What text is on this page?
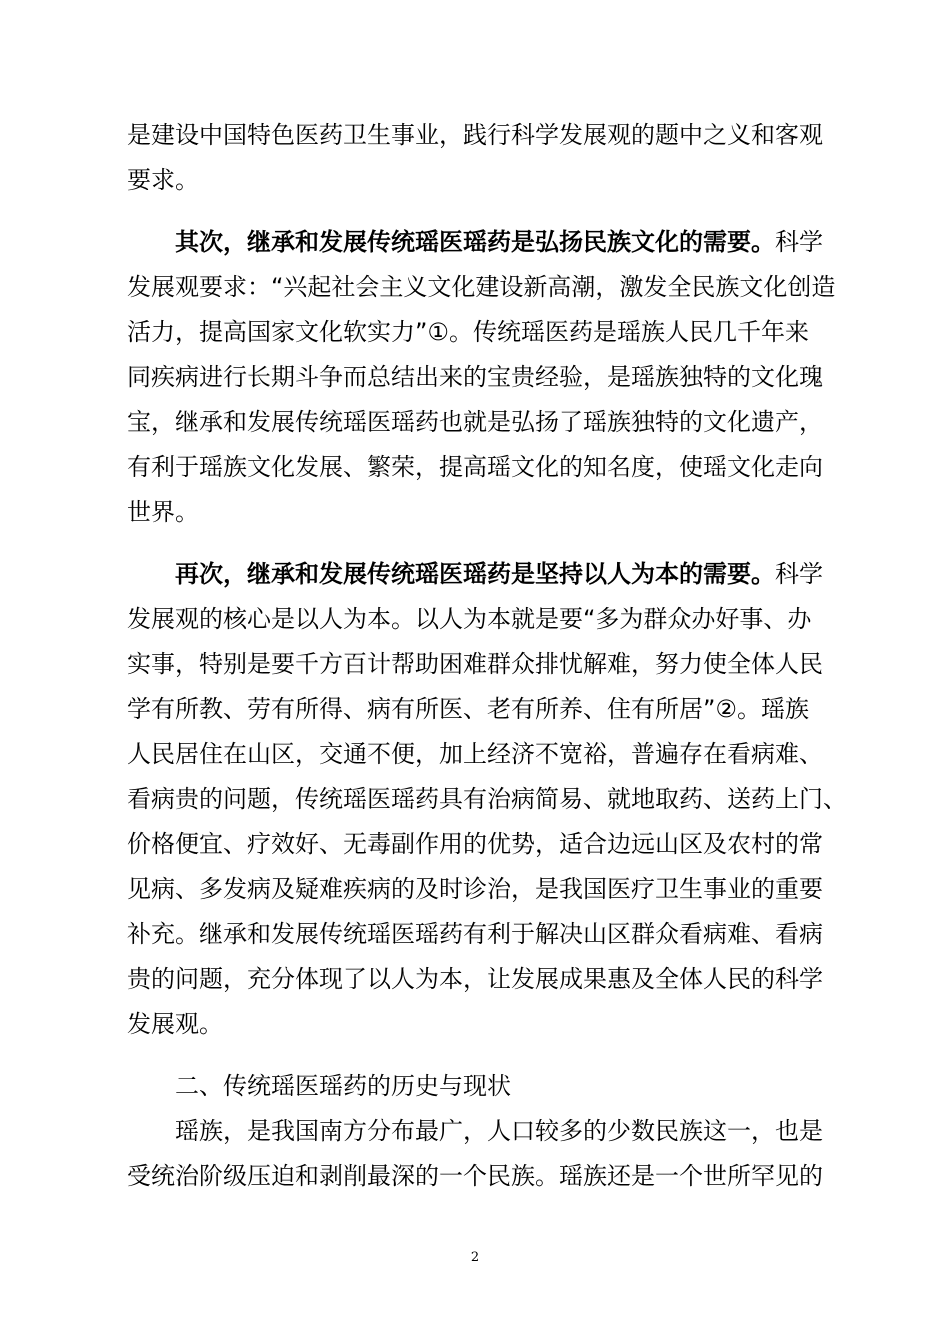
是建设中国特色医药卫生事业，践行科学发展观的题中之义和客观
要求。
其次，继承和发展传统瑶医瑶药是弘扬民族文化的需要。科学
发展观要求：“兴起社会主义文化建设新高潮，激发全民族文化创造
活力，提高国家文化软实力”①。传统瑶医药是瑶族人民几千年来
同疾病进行长期斗争而总结出来的宝贵经验，是瑶族独特的文化瑰
宝，继承和发展传统瑶医瑶药也就是弘扬了瑶族独特的文化遗产，
有利于瑶族文化发展、繁荣，提高瑶文化的知名度，使瑶文化走向
世界。
再次，继承和发展传统瑶医瑶药是坚持以人为本的需要。科学
发展观的核心是以人为本。以人为本就是要“多为群众办好事、办
实事，特别是要千方百计帮助困难群众排忧解难，努力使全体人民
学有所教、劳有所得、病有所医、老有所养、住有所居”②。瑶族
人民居住在山区，交通不便，加上经济不宽裕，普遍存在看病难、
看病贵的问题，传统瑶医瑶药具有治病简易、就地取药、送药上门、
价格便宜、疗效好、无毒副作用的优势，适合边远山区及农村的常
见病、多发病及疑难疾病的及时诊治，是我国医疗卫生事业的重要
补充。继承和发展传统瑶医瑶药有利于解决山区群众看病难、看病
贵的问题，充分体现了以人为本，让发展成果惠及全体人民的科学
发展观。
二、传统瑶医瑶药的历史与现状
瑶族，是我国南方分布最广，人口较多的少数民族这一，也是
受统治阶级压迫和剥削最深的一个民族。瑶族还是一个世所罕见的
2
